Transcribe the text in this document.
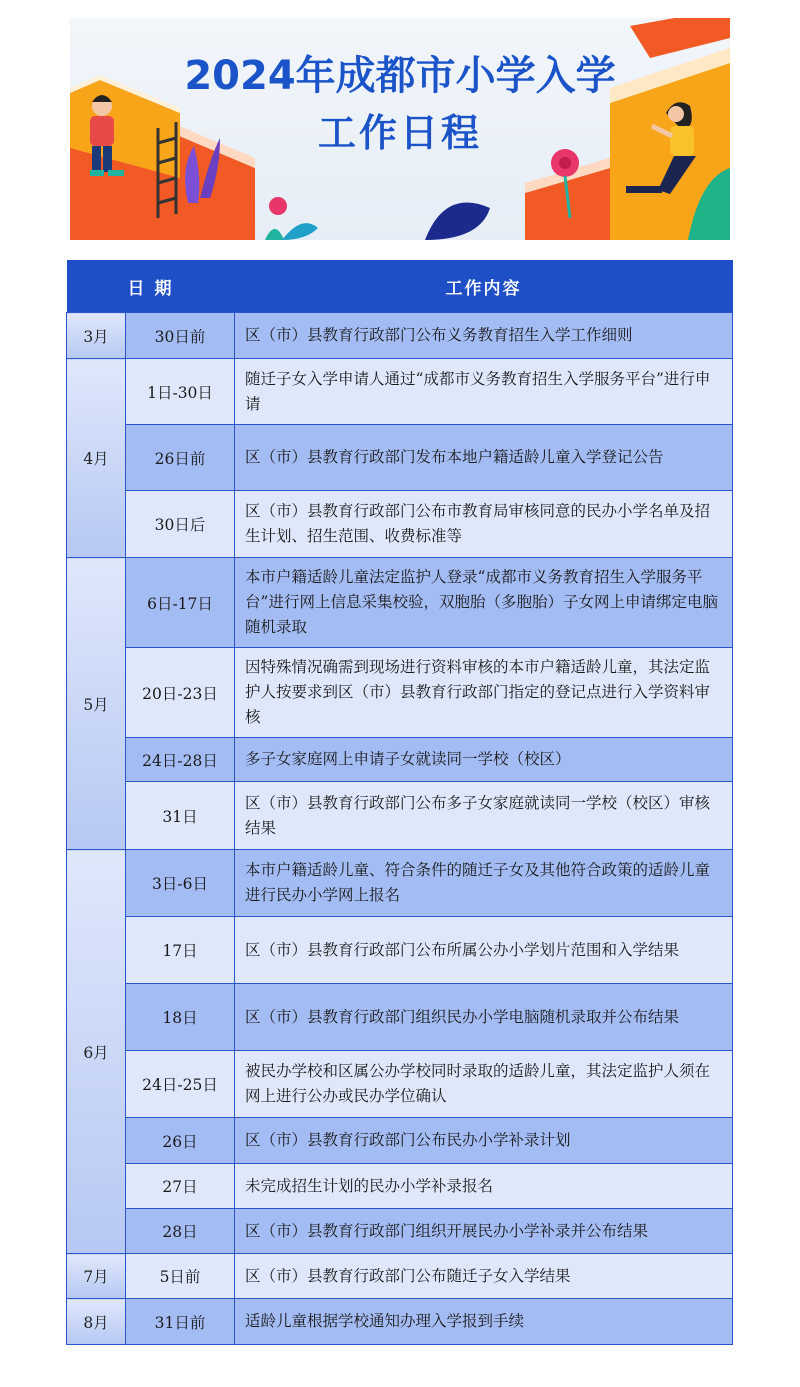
2024年成都市小学入学
工作日程
日 期		工作内容
3月	30日前	区（市）县教育行政部门公布义务教育招生入学工作细则
4月	1日-30日	随迁子女入学申请人通过“成都市义务教育招生入学服务平台”进行申请
	26日前	区（市）县教育行政部门发布本地户籍适龄儿童入学登记公告
	30日后	区（市）县教育行政部门公布市教育局审核同意的民办小学名单及招生计划、招生范围、收费标准等
5月	6日-17日	本市户籍适龄儿童法定监护人登录“成都市义务教育招生入学服务平台”进行网上信息采集校验，双胞胎（多胞胎）子女网上申请绑定电脑随机录取
	20日-23日	因特殊情况确需到现场进行资料审核的本市户籍适龄儿童，其法定监护人按要求到区（市）县教育行政部门指定的登记点进行入学资料审核
	24日-28日	多子女家庭网上申请子女就读同一学校（校区）
	31日	区（市）县教育行政部门公布多子女家庭就读同一学校（校区）审核结果
6月	3日-6日	本市户籍适龄儿童、符合条件的随迁子女及其他符合政策的适龄儿童进行民办小学网上报名
	17日	区（市）县教育行政部门公布所属公办小学划片范围和入学结果
	18日	区（市）县教育行政部门组织民办小学电脑随机录取并公布结果
	24日-25日	被民办学校和区属公办学校同时录取的适龄儿童，其法定监护人须在网上进行公办或民办学位确认
	26日	区（市）县教育行政部门公布民办小学补录计划
	27日	未完成招生计划的民办小学补录报名
	28日	区（市）县教育行政部门组织开展民办小学补录并公布结果
7月	5日前	区（市）县教育行政部门公布随迁子女入学结果
8月	31日前	适龄儿童根据学校通知办理入学报到手续
